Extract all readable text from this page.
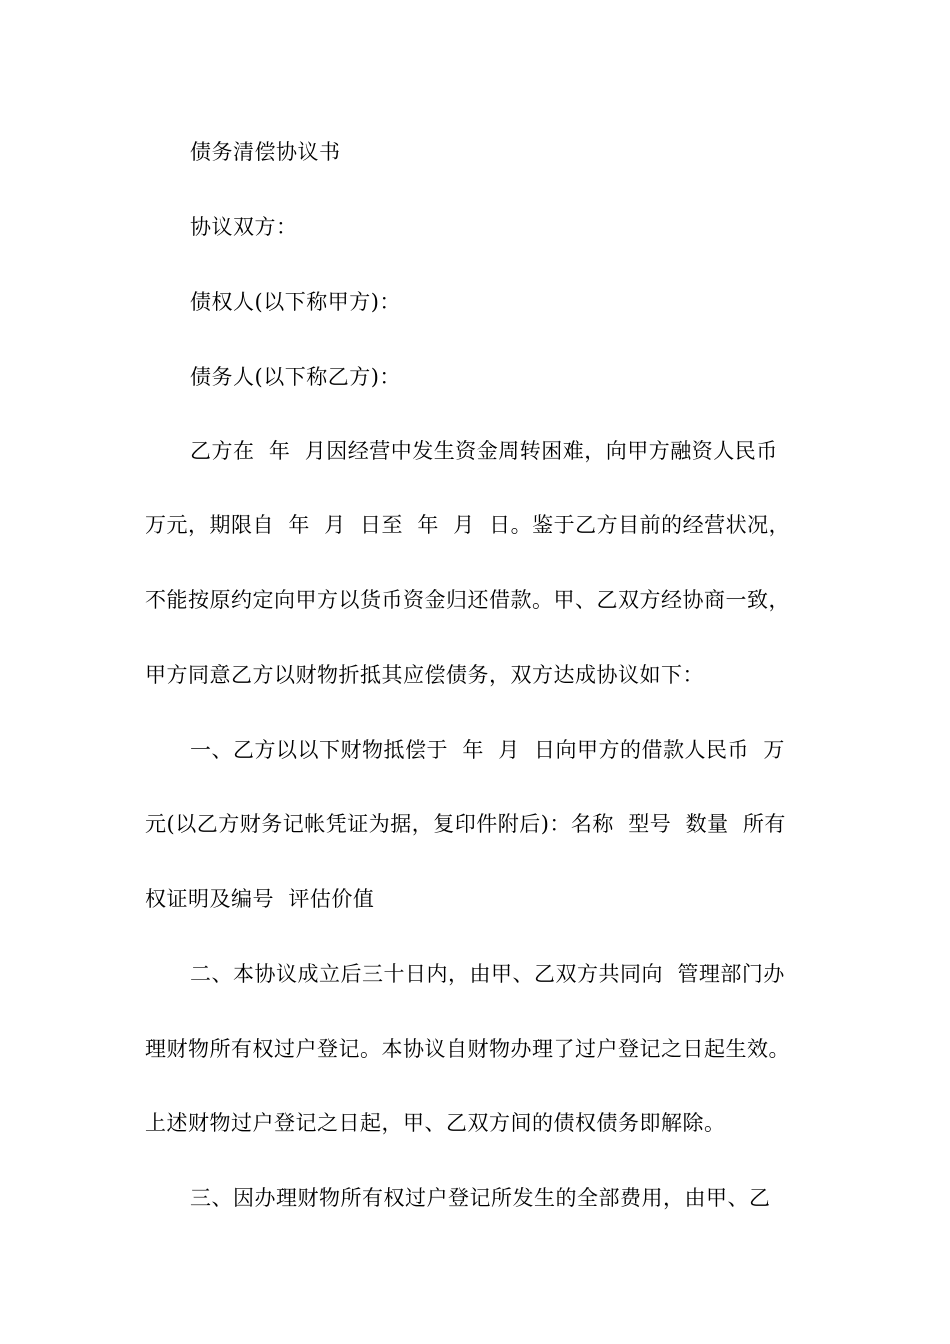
债务清偿协议书
协议双方：
债权人(以下称甲方)：
债务人(以下称乙方)：
乙方在  年  月因经营中发生资金周转困难，向甲方融资人民币
万元，期限自  年  月  日至  年  月  日。鉴于乙方目前的经营状况，
不能按原约定向甲方以货币资金归还借款。甲、乙双方经协商一致，
甲方同意乙方以财物折抵其应偿债务，双方达成协议如下：
一、乙方以以下财物抵偿于  年  月  日向甲方的借款人民币  万
元(以乙方财务记帐凭证为据，复印件附后)：名称  型号  数量  所有
权证明及编号  评估价值
二、本协议成立后三十日内，由甲、乙双方共同向  管理部门办
理财物所有权过户登记。本协议自财物办理了过户登记之日起生效。
上述财物过户登记之日起，甲、乙双方间的债权债务即解除。
三、因办理财物所有权过户登记所发生的全部费用，由甲、乙
